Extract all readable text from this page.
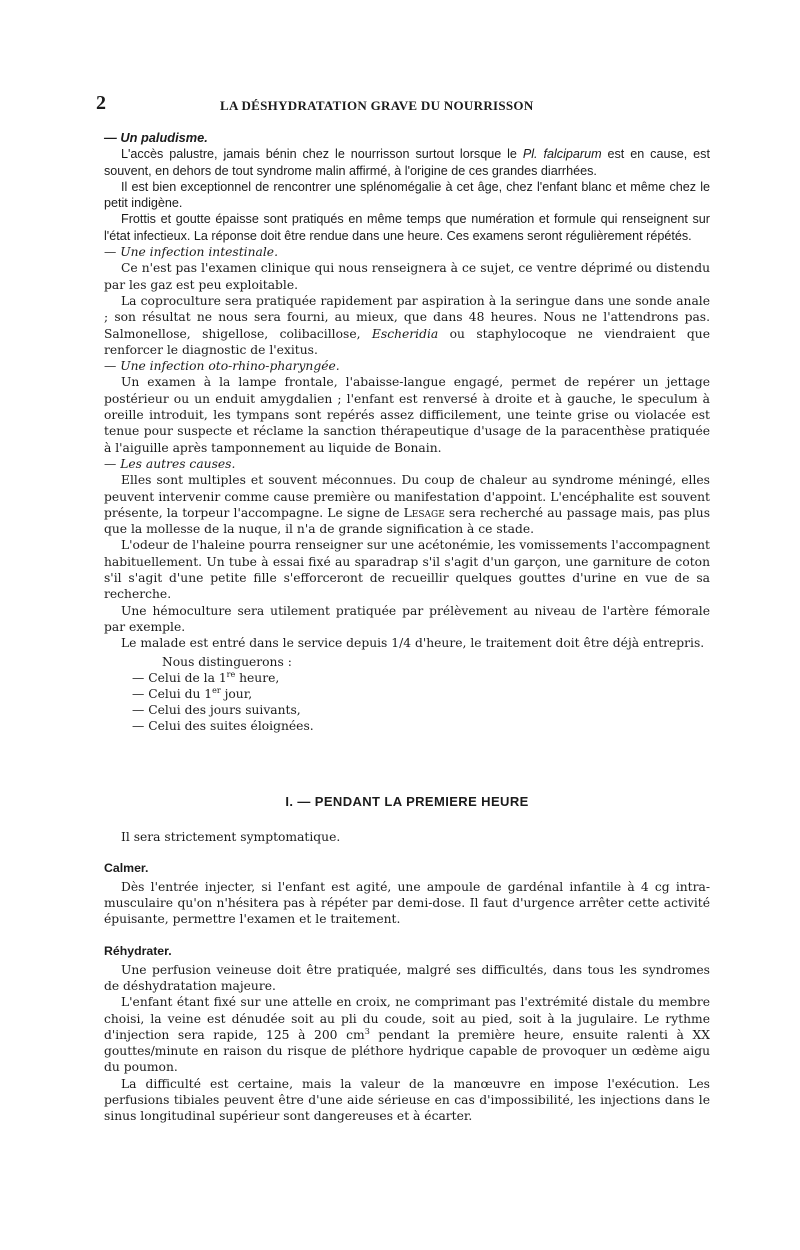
2	LA DÉSHYDRATATION GRAVE DU NOURRISSON
— Un paludisme.

L'accès palustre, jamais bénin chez le nourrisson surtout lorsque le Pl. falciparum est en cause, est souvent, en dehors de tout syndrome malin affirmé, à l'origine de ces grandes diarrhées.

Il est bien exceptionnel de rencontrer une splénomégalie à cet âge, chez l'enfant blanc et même chez le petit indigène.

Frottis et goutte épaisse sont pratiqués en même temps que numération et formule qui renseignent sur l'état infectieux. La réponse doit être rendue dans une heure. Ces examens seront régulièrement répétés.

— Une infection intestinale.

Ce n'est pas l'examen clinique qui nous renseignera à ce sujet, ce ventre déprimé ou distendu par les gaz est peu exploitable.

La coproculture sera pratiquée rapidement par aspiration à la seringue dans une sonde anale ; son résultat ne nous sera fourni, au mieux, que dans 48 heures. Nous ne l'attendrons pas. Salmonellose, shigellose, colibacillose, Escheridia ou staphylocoque ne viendraient que renforcer le diagnostic de l'exitus.

— Une infection oto-rhino-pharyngée.

Un examen à la lampe frontale, l'abaisse-langue engagé, permet de repérer un jettage postérieur ou un enduit amygdalien ; l'enfant est renversé à droite et à gauche, le speculum à oreille introduit, les tympans sont repérés assez difficilement, une teinte grise ou violacée est tenue pour suspecte et réclame la sanction thérapeutique d'usage de la paracenthèse pratiquée à l'aiguille après tamponnement au liquide de Bonain.

— Les autres causes.

Elles sont multiples et souvent méconnues. Du coup de chaleur au syndrome méningé, elles peuvent intervenir comme cause première ou manifestation d'appoint. L'encéphalite est souvent présente, la torpeur l'accompagne. Le signe de Lesage sera recherché au passage mais, pas plus que la mollesse de la nuque, il n'a de grande signification à ce stade.

L'odeur de l'haleine pourra renseigner sur une acétonémie, les vomissements l'accompagnent habituellement. Un tube à essai fixé au sparadrap s'il s'agit d'un garçon, une garniture de coton s'il s'agit d'une petite fille s'efforceront de recueillir quelques gouttes d'urine en vue de sa recherche.

Une hémoculture sera utilement pratiquée par prélèvement au niveau de l'artère fémorale par exemple.

Le malade est entré dans le service depuis 1/4 d'heure, le traitement doit être déjà entrepris.

Nous distinguerons :
— Celui de la 1re heure,
— Celui du 1er jour,
— Celui des jours suivants,
— Celui des suites éloignées.
I. — PENDANT LA PREMIERE HEURE

Il sera strictement symptomatique.

Calmer.

Dès l'entrée injecter, si l'enfant est agité, une ampoule de gardénal infantile à 4 cg intra-musculaire qu'on n'hésitera pas à répéter par demi-dose. Il faut d'urgence arrêter cette activité épuisante, permettre l'examen et le traitement.

Réhydrater.

Une perfusion veineuse doit être pratiquée, malgré ses difficultés, dans tous les syndromes de déshydratation majeure.

L'enfant étant fixé sur une attelle en croix, ne comprimant pas l'extrémité distale du membre choisi, la veine est dénudée soit au pli du coude, soit au pied, soit à la jugulaire. Le rythme d'injection sera rapide, 125 à 200 $cm^3$ pendant la première heure, ensuite ralenti à XX gouttes/minute en raison du risque de pléthore hydrique capable de provoquer un œdème aigu du poumon.

La difficulté est certaine, mais la valeur de la manœuvre en impose l'exécution. Les perfusions tibiales peuvent être d'une aide sérieuse en cas d'impossibilité, les injections dans le sinus longitudinal supérieur sont dangereuses et à écarter.
